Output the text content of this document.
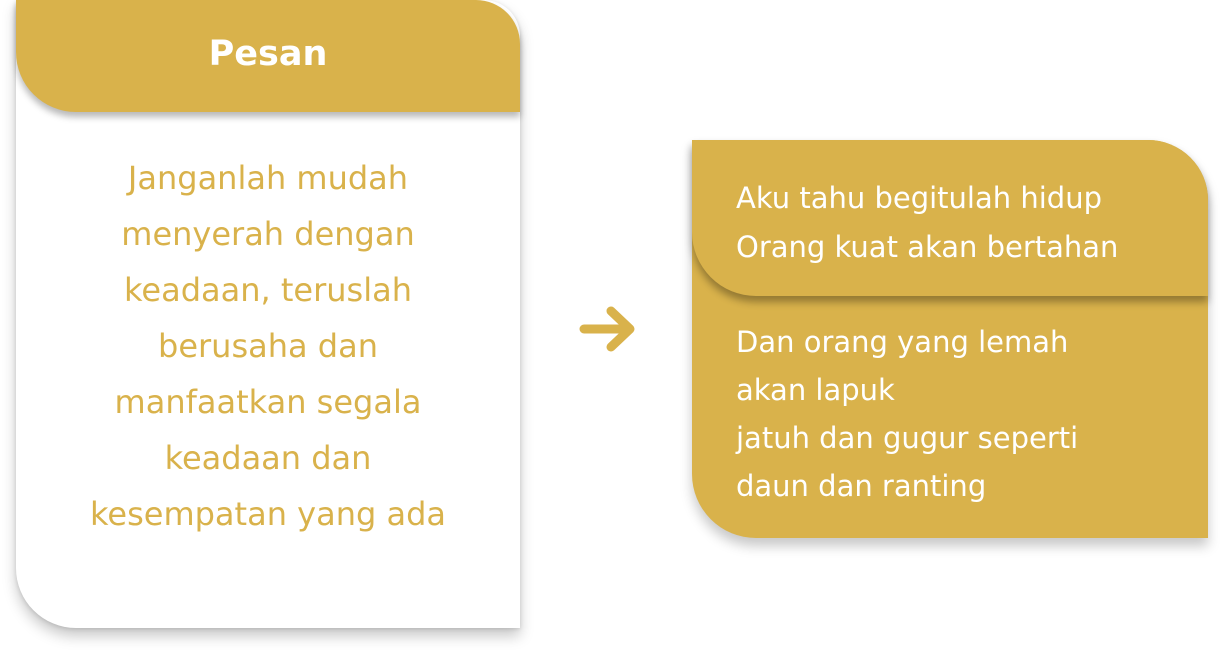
Pesan
Janganlah mudah
menyerah dengan
keadaan, teruslah
berusaha dan
manfaatkan segala
keadaan dan
kesempatan yang ada
Aku tahu begitulah hidup
Orang kuat akan bertahan
Dan orang yang lemah
akan lapuk
jatuh dan gugur seperti
daun dan ranting
